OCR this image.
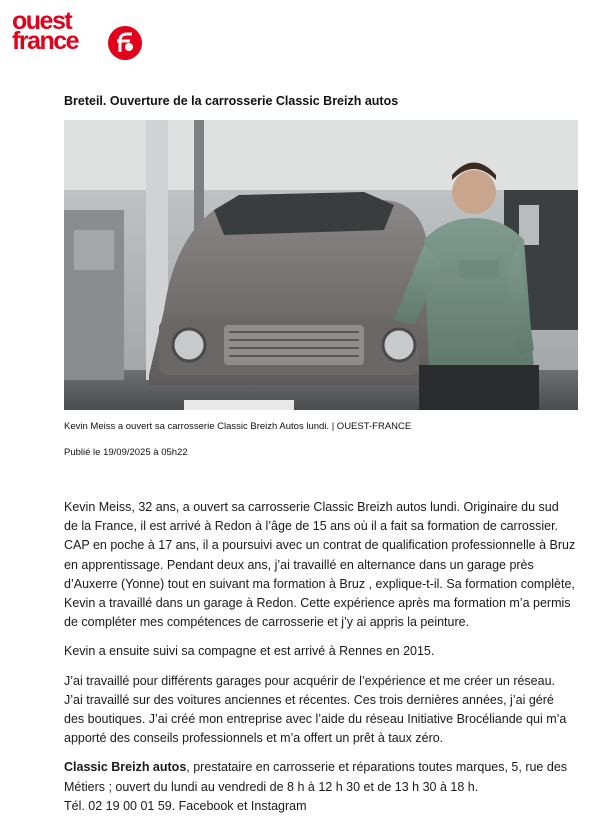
ouest
france
Breteil. Ouverture de la carrosserie Classic Breizh autos
Kevin Meiss a ouvert sa carrosserie Classic Breizh Autos lundi. | OUEST-FRANCE
Publié le 19/09/2025 à 05h22

Kevin Meiss, 32 ans, a ouvert sa carrosserie Classic Breizh autos lundi. Originaire du sud de la France, il est arrivé à Redon à l’âge de 15 ans où il a fait sa formation de carrossier. CAP en poche à 17 ans, il a poursuivi avec un contrat de qualification professionnelle à Bruz en apprentissage. Pendant deux ans, j’ai travaillé en alternance dans un garage près d’Auxerre (Yonne) tout en suivant ma formation à Bruz , explique-t-il. Sa formation complète, Kevin a travaillé dans un garage à Redon. Cette expérience après ma formation m’a permis de compléter mes compétences de carrosserie et j’y ai appris la peinture.

Kevin a ensuite suivi sa compagne et est arrivé à Rennes en 2015.

J’ai travaillé pour différents garages pour acquérir de l’expérience et me créer un réseau. J’ai travaillé sur des voitures anciennes et récentes. Ces trois dernières années, j’ai géré des boutiques. J’ai créé mon entreprise avec l’aide du réseau Initiative Brocéliande qui m’a apporté des conseils professionnels et m’a offert un prêt à taux zéro.

Classic Breizh autos, prestataire en carrosserie et réparations toutes marques, 5, rue des Métiers ; ouvert du lundi au vendredi de 8 h à 12 h 30 et de 13 h 30 à 18 h.

Tél. 02 19 00 01 59. Facebook et Instagram
